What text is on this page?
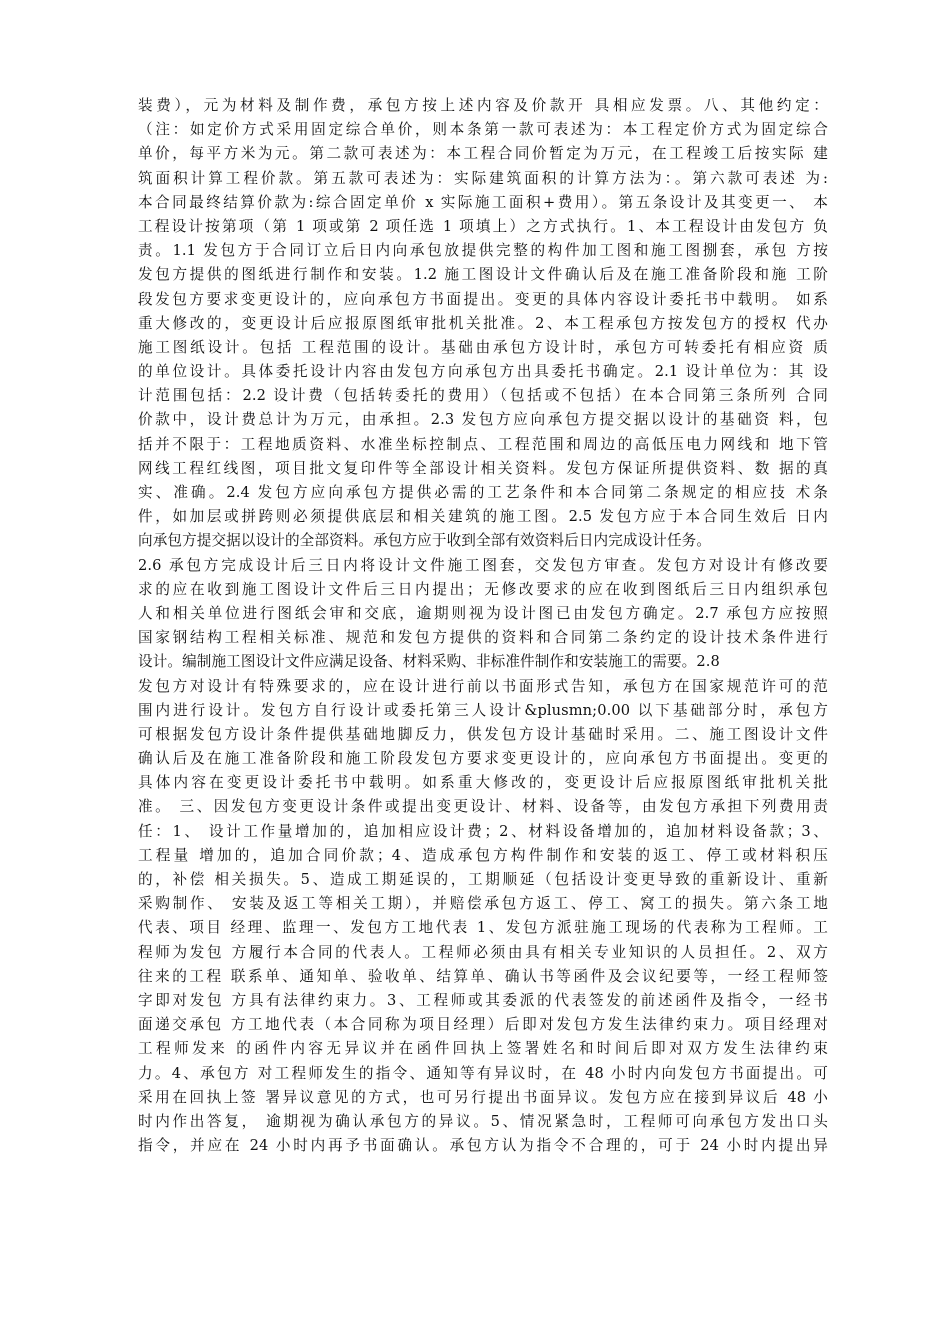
装费），元为材料及制作费，承包方按上述内容及价款开 具相应发票。八、其他约定：
（注：如定价方式采用固定综合单价，则本条第一款可表述为：本工程定价方式为固定综合
单价，每平方米为元。第二款可表述为：本工程合同价暂定为万元，在工程竣工后按实际 建
筑面积计算工程价款。第五款可表述为：实际建筑面积的计算方法为：。第六款可表述 为:
本合同最终结算价款为:综合固定单价 x 实际施工面积+费用）。第五条设计及其变更一、 本
工程设计按第项（第 1 项或第 2 项任选 1 项填上）之方式执行。1、本工程设计由发包方 负
责。1.1 发包方于合同订立后日内向承包放提供完整的构件加工图和施工图捌套，承包 方按
发包方提供的图纸进行制作和安装。1.2 施工图设计文件确认后及在施工准备阶段和施 工阶
段发包方要求变更设计的，应向承包方书面提出。变更的具体内容设计委托书中载明。 如系
重大修改的，变更设计后应报原图纸审批机关批准。2、本工程承包方按发包方的授权 代办
施工图纸设计。包括 工程范围的设计。基础由承包方设计时，承包方可转委托有相应资 质
的单位设计。具体委托设计内容由发包方向承包方出具委托书确定。2.1 设计单位为：其 设
计范围包括：2.2 设计费（包括转委托的费用）（包括或不包括）在本合同第三条所列 合同
价款中，设计费总计为万元，由承担。2.3 发包方应向承包方提交据以设计的基础资 料，包
括并不限于：工程地质资料、水准坐标控制点、工程范围和周边的高低压电力网线和 地下管
网线工程红线图，项目批文复印件等全部设计相关资料。发包方保证所提供资料、数 据的真
实、准确。2.4 发包方应向承包方提供必需的工艺条件和本合同第二条规定的相应技 术条
件，如加层或拼跨则必须提供底层和相关建筑的施工图。2.5 发包方应于本合同生效后 日内
向承包方提交据以设计的全部资料。承包方应于收到全部有效资料后日内完成设计任务。
2.6 承包方完成设计后三日内将设计文件施工图套，交发包方审查。发包方对设计有修改要
求的应在收到施工图设计文件后三日内提出；无修改要求的应在收到图纸后三日内组织承包
人和相关单位进行图纸会审和交底，逾期则视为设计图已由发包方确定。2.7 承包方应按照
国家钢结构工程相关标准、规范和发包方提供的资料和合同第二条约定的设计技术条件进行
设计。编制施工图设计文件应满足设备、材料采购、非标准件制作和安装施工的需要。2.8
发包方对设计有特殊要求的，应在设计进行前以书面形式告知，承包方在国家规范许可的范
围内进行设计。发包方自行设计或委托第三人设计&plusmn;0.00 以下基础部分时，承包方
可根据发包方设计条件提供基础地脚反力，供发包方设计基础时采用。二、施工图设计文件
确认后及在施工准备阶段和施工阶段发包方要求变更设计的，应向承包方书面提出。变更的
具体内容在变更设计委托书中载明。如系重大修改的，变更设计后应报原图纸审批机关批
准。 三、因发包方变更设计条件或提出变更设计、材料、设备等，由发包方承担下列费用责
任：1、 设计工作量增加的，追加相应设计费；2、材料设备增加的，追加材料设备款；3、
工程量 增加的，追加合同价款；4、造成承包方构件制作和安装的返工、停工或材料积压
的，补偿 相关损失。5、造成工期延误的，工期顺延（包括设计变更导致的重新设计、重新
采购制作、 安装及返工等相关工期），并赔偿承包方返工、停工、窝工的损失。第六条工地
代表、项目 经理、监理一、发包方工地代表 1、发包方派驻施工现场的代表称为工程师。工
程师为发包 方履行本合同的代表人。工程师必须由具有相关专业知识的人员担任。2、双方
往来的工程 联系单、通知单、验收单、结算单、确认书等函件及会议纪要等，一经工程师签
字即对发包 方具有法律约束力。3、工程师或其委派的代表签发的前述函件及指令，一经书
面递交承包 方工地代表（本合同称为项目经理）后即对发包方发生法律约束力。项目经理对
工程师发来 的函件内容无异议并在函件回执上签署姓名和时间后即对双方发生法律约束
力。4、承包方 对工程师发生的指令、通知等有异议时，在 48 小时内向发包方书面提出。可
采用在回执上签 署异议意见的方式，也可另行提出书面异议。发包方应在接到异议后 48 小
时内作出答复， 逾期视为确认承包方的异议。5、情况紧急时，工程师可向承包方发出口头
指令，并应在 24 小时内再予书面确认。承包方认为指令不合理的，可于 24 小时内提出异
